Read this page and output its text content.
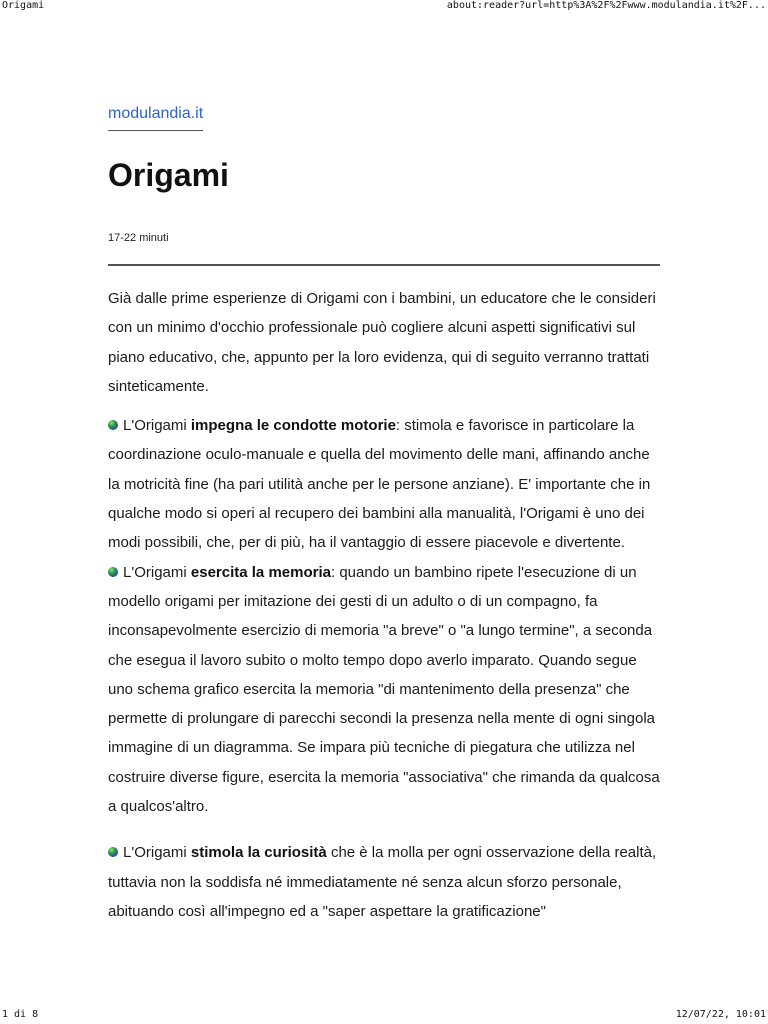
Origami	about:reader?url=http%3A%2F%2Fwww.modulandia.it%2F...
modulandia.it
Origami
17-22 minuti

Già dalle prime esperienze di Origami con i bambini, un educatore che le consideri con un minimo d'occhio professionale può cogliere alcuni aspetti significativi sul piano educativo, che, appunto per la loro evidenza, qui di seguito verranno trattati sinteticamente.

L'Origami impegna le condotte motorie: stimola e favorisce in particolare la coordinazione oculo-manuale e quella del movimento delle mani, affinando anche la motricità fine (ha pari utilità anche per le persone anziane). E' importante che in qualche modo si operi al recupero dei bambini alla manualità, l'Origami è uno dei modi possibili, che, per di più, ha il vantaggio di essere piacevole e divertente.

L'Origami esercita la memoria: quando un bambino ripete l'esecuzione di un modello origami per imitazione dei gesti di un adulto o di un compagno, fa inconsapevolmente esercizio di memoria "a breve" o "a lungo termine", a seconda che esegua il lavoro subito o molto tempo dopo averlo imparato. Quando segue uno schema grafico esercita la memoria "di mantenimento della presenza" che permette di prolungare di parecchi secondi la presenza nella mente di ogni singola immagine di un diagramma. Se impara più tecniche di piegatura che utilizza nel costruire diverse figure, esercita la memoria "associativa" che rimanda da qualcosa a qualcos'altro.

L'Origami stimola la curiosità che è la molla per ogni osservazione della realtà, tuttavia non la soddisfa né immediatamente né senza alcun sforzo personale, abituando così all'impegno ed a "saper aspettare la gratificazione"

1 di 8	12/07/22, 10:01
